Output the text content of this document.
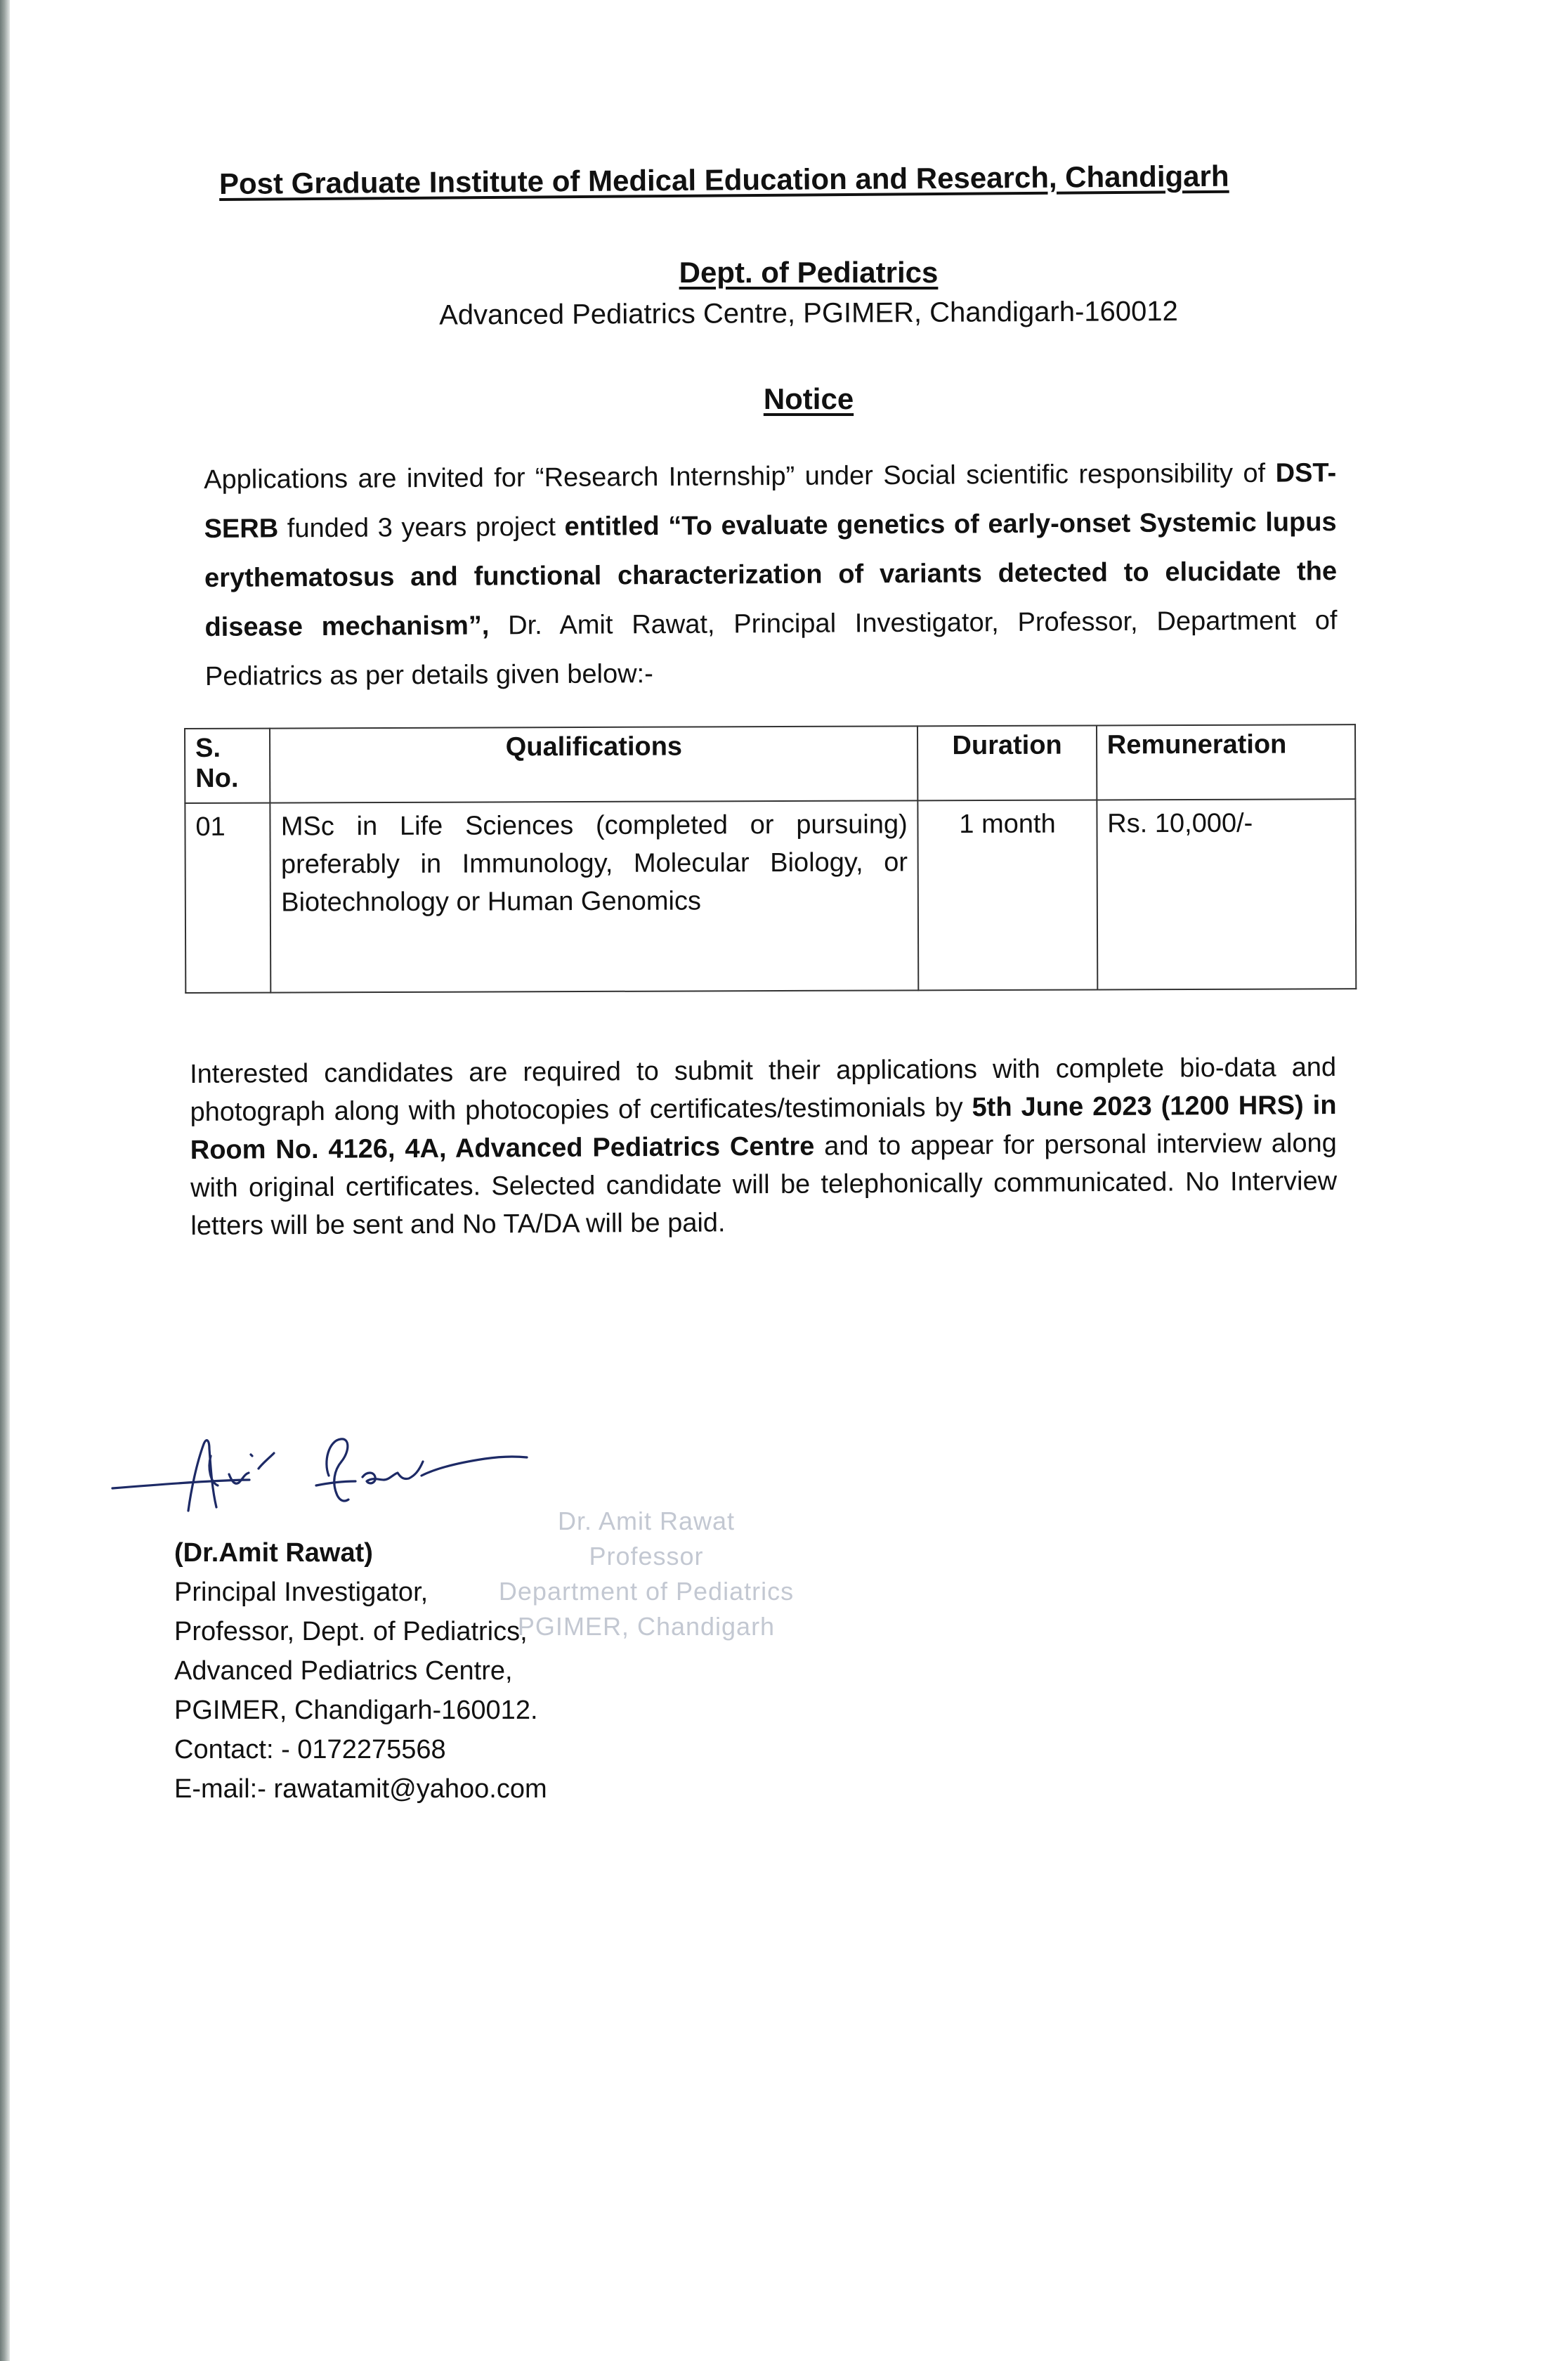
Post Graduate Institute of Medical Education and Research, Chandigarh
Dept. of Pediatrics
Advanced Pediatrics Centre, PGIMER, Chandigarh-160012
Notice
Applications are invited for “Research Internship” under Social scientific responsibility of DST-SERB funded 3 years project entitled “To evaluate genetics of early-onset Systemic lupus erythematosus and functional characterization of variants detected to elucidate the disease mechanism”, Dr. Amit Rawat, Principal Investigator, Professor, Department of Pediatrics as per details given below:-
S. No.	Qualifications	Duration	Remuneration
01	MSc in Life Sciences (completed or pursuing) preferably in Immunology, Molecular Biology, or Biotechnology or Human Genomics	1 month	Rs. 10,000/-
Interested candidates are required to submit their applications with complete bio-data and photograph along with photocopies of certificates/testimonials by 5th June 2023 (1200 HRS) in Room No. 4126, 4A, Advanced Pediatrics Centre and to appear for personal interview along with original certificates. Selected candidate will be telephonically communicated. No Interview letters will be sent and No TA/DA will be paid.
Dr. Amit Rawat
Professor
Department of Pediatrics
PGIMER, Chandigarh
(Dr.Amit Rawat)
Principal Investigator,
Professor, Dept. of Pediatrics,
Advanced Pediatrics Centre,
PGIMER, Chandigarh-160012.
Contact: - 0172275568
E-mail:- rawatamit@yahoo.com
